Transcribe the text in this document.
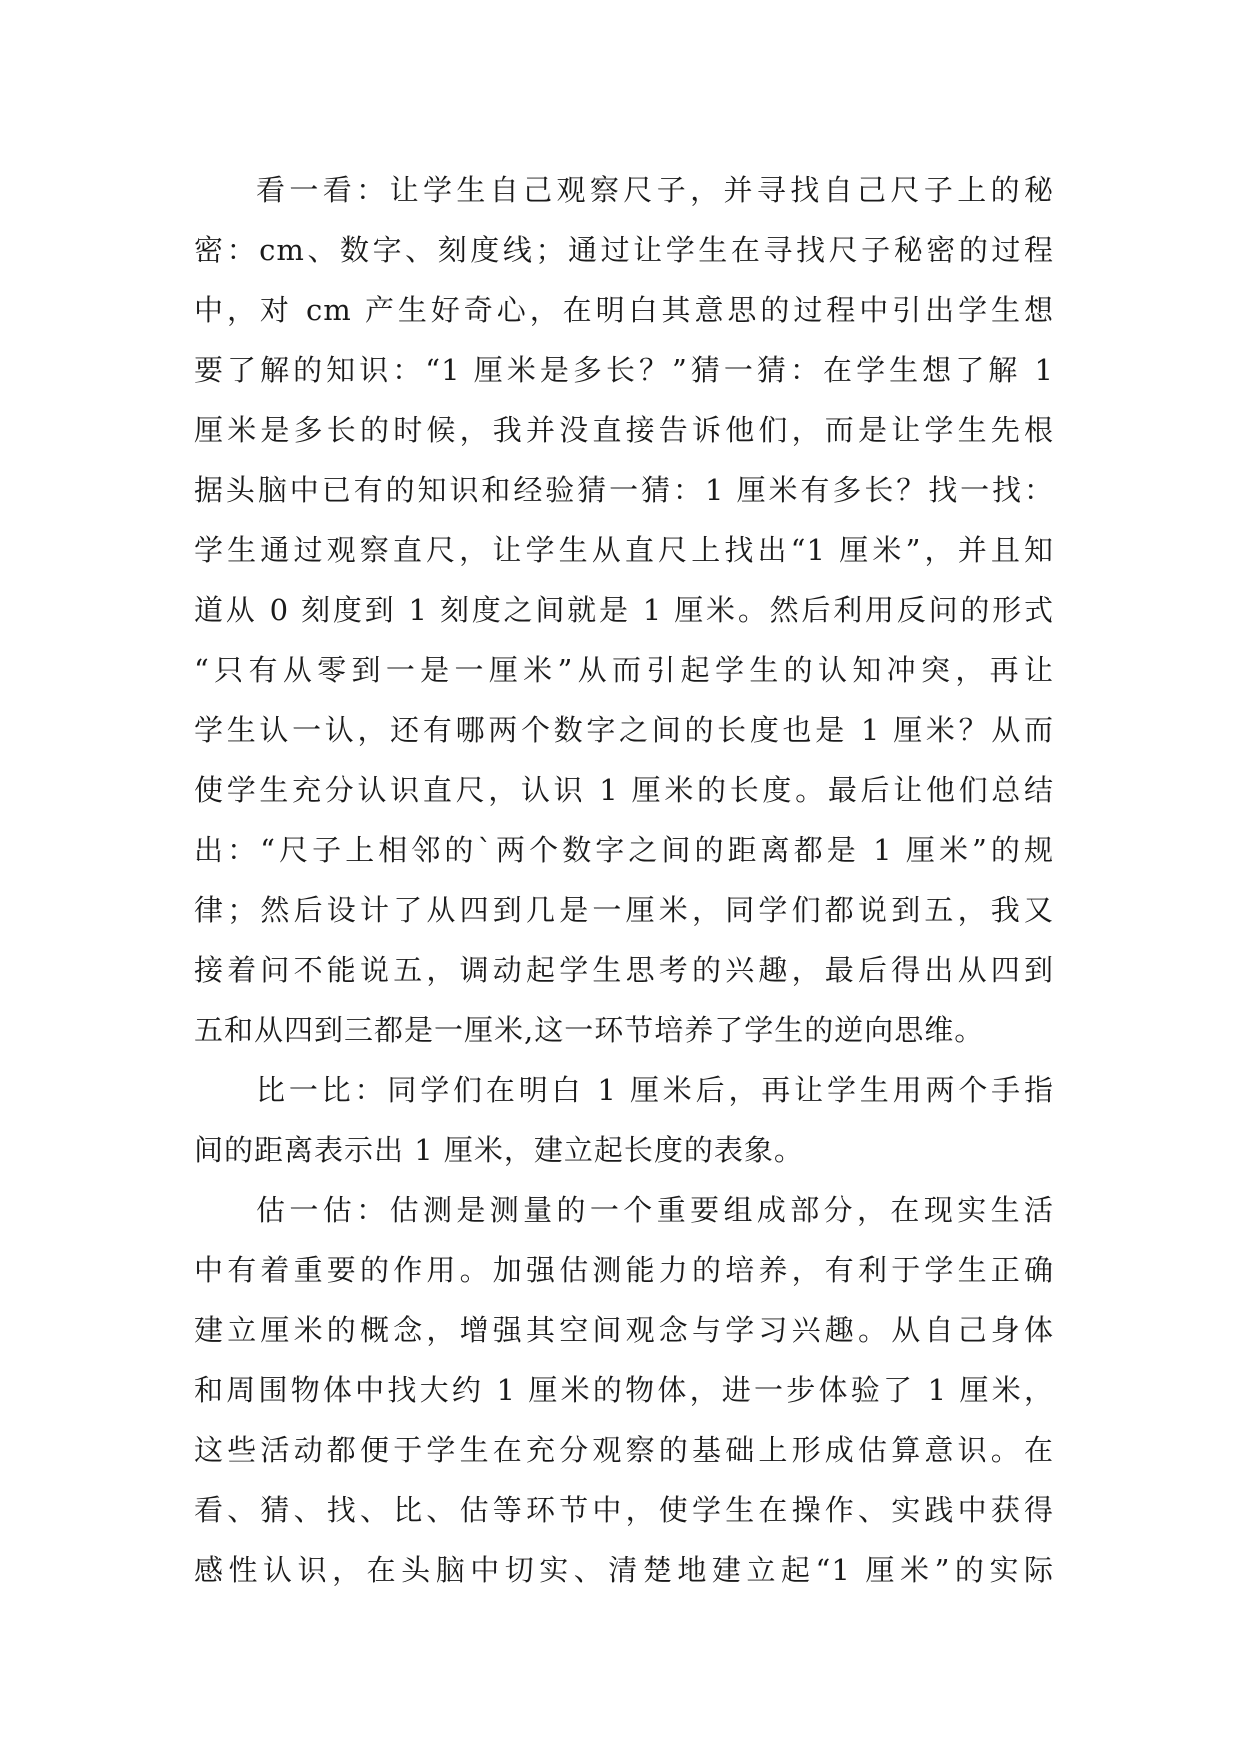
看一看：让学生自己观察尺子，并寻找自己尺子上的秘
密：cm、数字、刻度线；通过让学生在寻找尺子秘密的过程
中，对 cm 产生好奇心，在明白其意思的过程中引出学生想
要了解的知识：“1 厘米是多长？”猜一猜：在学生想了解 1
厘米是多长的时候，我并没直接告诉他们，而是让学生先根
据头脑中已有的知识和经验猜一猜：1 厘米有多长？找一找：
学生通过观察直尺，让学生从直尺上找出“1 厘米”，并且知
道从 0 刻度到 1 刻度之间就是 1 厘米。然后利用反问的形式
“只有从零到一是一厘米”从而引起学生的认知冲突，再让
学生认一认，还有哪两个数字之间的长度也是 1 厘米？从而
使学生充分认识直尺，认识 1 厘米的长度。最后让他们总结
出：“尺子上相邻的`两个数字之间的距离都是 1 厘米”的规
律；然后设计了从四到几是一厘米，同学们都说到五，我又
接着问不能说五，调动起学生思考的兴趣，最后得出从四到
五和从四到三都是一厘米,这一环节培养了学生的逆向思维。
比一比：同学们在明白 1 厘米后，再让学生用两个手指
间的距离表示出 1 厘米，建立起长度的表象。
估一估：估测是测量的一个重要组成部分，在现实生活
中有着重要的作用。加强估测能力的培养，有利于学生正确
建立厘米的概念，增强其空间观念与学习兴趣。从自己身体
和周围物体中找大约 1 厘米的物体，进一步体验了 1 厘米，
这些活动都便于学生在充分观察的基础上形成估算意识。在
看、猜、找、比、估等环节中，使学生在操作、实践中获得
感性认识，在头脑中切实、清楚地建立起“1 厘米”的实际
